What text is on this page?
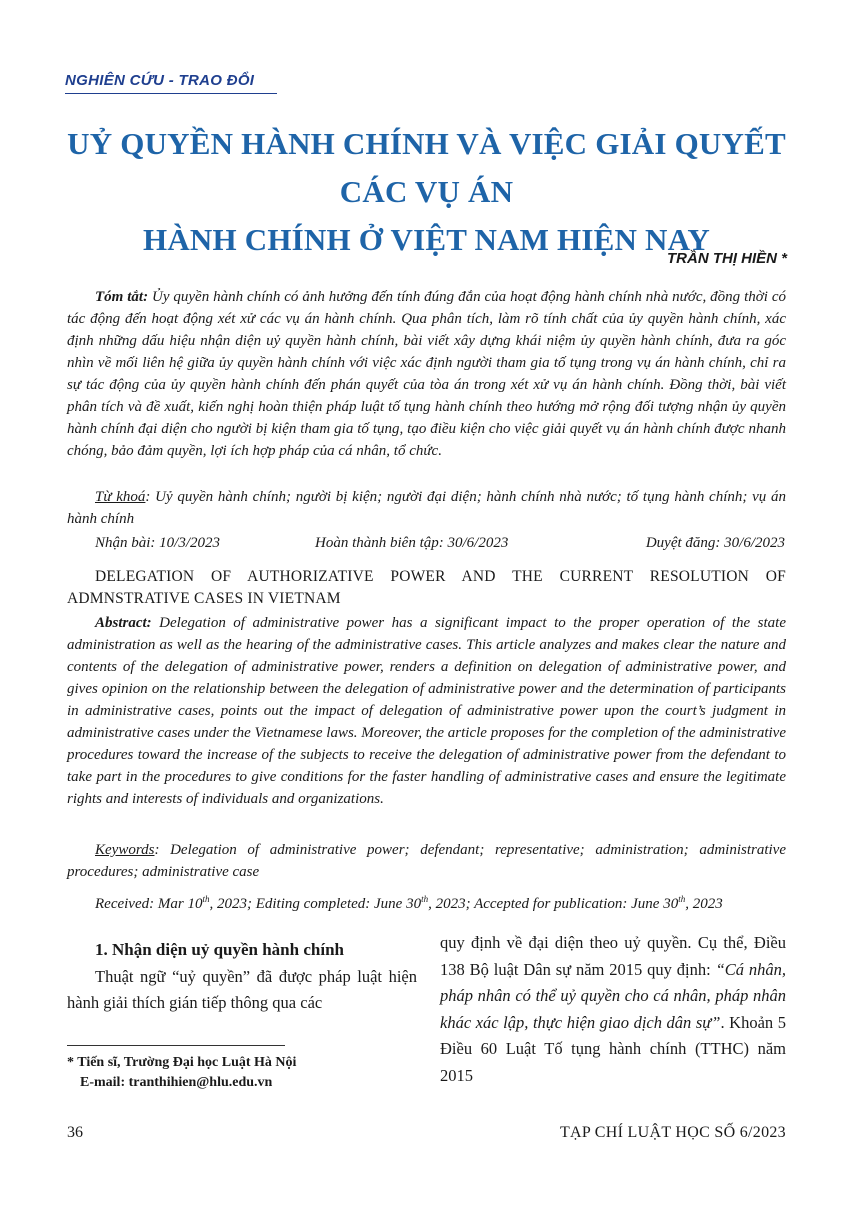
NGHIÊN CỨU - TRAO ĐỔI
UỶ QUYỀN HÀNH CHÍNH VÀ VIỆC GIẢI QUYẾT CÁC VỤ ÁN
HÀNH CHÍNH Ở VIỆT NAM HIỆN NAY
TRẦN THỊ HIỀN *
Tóm tắt: Ủy quyền hành chính có ảnh hưởng đến tính đúng đắn của hoạt động hành chính nhà nước, đồng thời có tác động đến hoạt động xét xử các vụ án hành chính. Qua phân tích, làm rõ tính chất của ủy quyền hành chính, xác định những dấu hiệu nhận diện uỷ quyền hành chính, bài viết xây dựng khái niệm ủy quyền hành chính, đưa ra góc nhìn về mối liên hệ giữa ủy quyền hành chính với việc xác định người tham gia tố tụng trong vụ án hành chính, chỉ ra sự tác động của ủy quyền hành chính đến phán quyết của tòa án trong xét xử vụ án hành chính. Đồng thời, bài viết phân tích và đề xuất, kiến nghị hoàn thiện pháp luật tố tụng hành chính theo hướng mở rộng đối tượng nhận ủy quyền hành chính đại diện cho người bị kiện tham gia tố tụng, tạo điều kiện cho việc giải quyết vụ án hành chính được nhanh chóng, bảo đảm quyền, lợi ích hợp pháp của cá nhân, tổ chức.
Từ khoá: Uỷ quyền hành chính; người bị kiện; người đại diện; hành chính nhà nước; tố tụng hành chính; vụ án hành chính
Nhận bài: 10/3/2023	Hoàn thành biên tập: 30/6/2023	Duyệt đăng: 30/6/2023
DELEGATION OF AUTHORIZATIVE POWER AND THE CURRENT RESOLUTION OF ADMNSTRATIVE CASES IN VIETNAM
Abstract: Delegation of administrative power has a significant impact to the proper operation of the state administration as well as the hearing of the administrative cases. This article analyzes and makes clear the nature and contents of the delegation of administrative power, renders a definition on delegation of administrative power, and gives opinion on the relationship between the delegation of administrative power and the determination of participants in administrative cases, points out the impact of delegation of administrative power upon the court’s judgment in administrative cases under the Vietnamese laws. Moreover, the article proposes for the completion of the administrative procedures toward the increase of the subjects to receive the delegation of administrative power from the defendant to take part in the procedures to give conditions for the faster handling of administrative cases and ensure the legitimate rights and interests of individuals and organizations.
Keywords: Delegation of administrative power; defendant; representative; administration; administrative procedures; administrative case
Received: Mar 10th, 2023; Editing completed: June 30th, 2023; Accepted for publication: June 30th, 2023
1. Nhận diện uỷ quyền hành chính
Thuật ngữ “uỷ quyền” đã được pháp luật hiện hành giải thích gián tiếp thông qua các
quy định về đại diện theo uỷ quyền. Cụ thể, Điều 138 Bộ luật Dân sự năm 2015 quy định: “Cá nhân, pháp nhân có thể uỷ quyền cho cá nhân, pháp nhân khác xác lập, thực hiện giao dịch dân sự”. Khoản 5 Điều 60 Luật Tố tụng hành chính (TTHC) năm 2015
* Tiến sĩ, Trường Đại học Luật Hà Nội
E-mail: tranthihien@hlu.edu.vn
36	TẠP CHÍ LUẬT HỌC SỐ 6/2023
